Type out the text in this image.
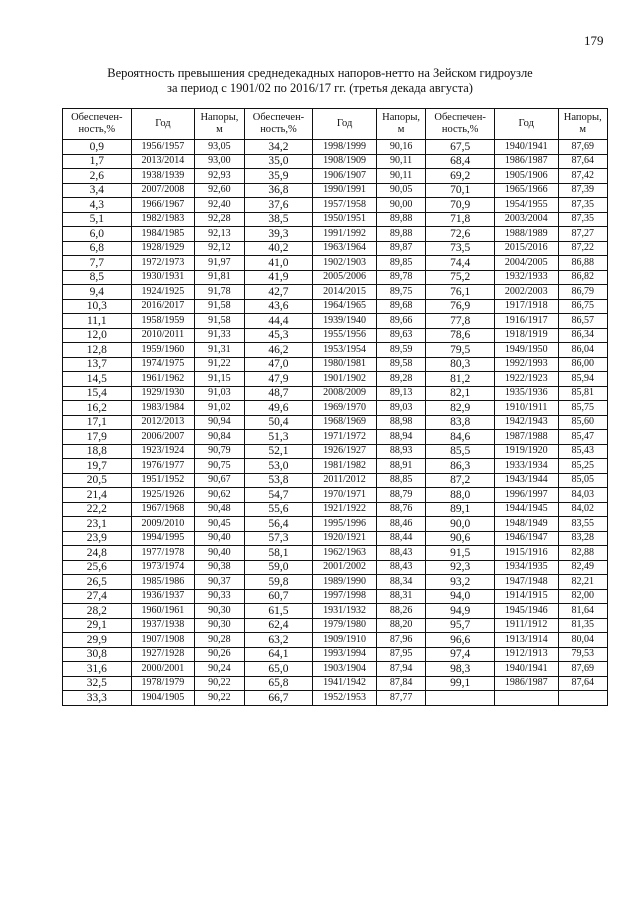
179
Вероятность превышения среднедекадных напоров-нетто на Зейском гидроузле
за период с 1901/02 по 2016/17 гг. (третья декада августа)
Обеспечен-
ность,%	Год	Напоры,
м	Обеспечен-
ность,%	Год	Напоры,
м	Обеспечен-
ность,%	Год	Напоры,
м
0,9	1956/1957	93,05	34,2	1998/1999	90,16	67,5	1940/1941	87,69
1,7	2013/2014	93,00	35,0	1908/1909	90,11	68,4	1986/1987	87,64
2,6	1938/1939	92,93	35,9	1906/1907	90,11	69,2	1905/1906	87,42
3,4	2007/2008	92,60	36,8	1990/1991	90,05	70,1	1965/1966	87,39
4,3	1966/1967	92,40	37,6	1957/1958	90,00	70,9	1954/1955	87,35
5,1	1982/1983	92,28	38,5	1950/1951	89,88	71,8	2003/2004	87,35
6,0	1984/1985	92,13	39,3	1991/1992	89,88	72,6	1988/1989	87,27
6,8	1928/1929	92,12	40,2	1963/1964	89,87	73,5	2015/2016	87,22
7,7	1972/1973	91,97	41,0	1902/1903	89,85	74,4	2004/2005	86,88
8,5	1930/1931	91,81	41,9	2005/2006	89,78	75,2	1932/1933	86,82
9,4	1924/1925	91,78	42,7	2014/2015	89,75	76,1	2002/2003	86,79
10,3	2016/2017	91,58	43,6	1964/1965	89,68	76,9	1917/1918	86,75
11,1	1958/1959	91,58	44,4	1939/1940	89,66	77,8	1916/1917	86,57
12,0	2010/2011	91,33	45,3	1955/1956	89,63	78,6	1918/1919	86,34
12,8	1959/1960	91,31	46,2	1953/1954	89,59	79,5	1949/1950	86,04
13,7	1974/1975	91,22	47,0	1980/1981	89,58	80,3	1992/1993	86,00
14,5	1961/1962	91,15	47,9	1901/1902	89,28	81,2	1922/1923	85,94
15,4	1929/1930	91,03	48,7	2008/2009	89,13	82,1	1935/1936	85,81
16,2	1983/1984	91,02	49,6	1969/1970	89,03	82,9	1910/1911	85,75
17,1	2012/2013	90,94	50,4	1968/1969	88,98	83,8	1942/1943	85,60
17,9	2006/2007	90,84	51,3	1971/1972	88,94	84,6	1987/1988	85,47
18,8	1923/1924	90,79	52,1	1926/1927	88,93	85,5	1919/1920	85,43
19,7	1976/1977	90,75	53,0	1981/1982	88,91	86,3	1933/1934	85,25
20,5	1951/1952	90,67	53,8	2011/2012	88,85	87,2	1943/1944	85,05
21,4	1925/1926	90,62	54,7	1970/1971	88,79	88,0	1996/1997	84,03
22,2	1967/1968	90,48	55,6	1921/1922	88,76	89,1	1944/1945	84,02
23,1	2009/2010	90,45	56,4	1995/1996	88,46	90,0	1948/1949	83,55
23,9	1994/1995	90,40	57,3	1920/1921	88,44	90,6	1946/1947	83,28
24,8	1977/1978	90,40	58,1	1962/1963	88,43	91,5	1915/1916	82,88
25,6	1973/1974	90,38	59,0	2001/2002	88,43	92,3	1934/1935	82,49
26,5	1985/1986	90,37	59,8	1989/1990	88,34	93,2	1947/1948	82,21
27,4	1936/1937	90,33	60,7	1997/1998	88,31	94,0	1914/1915	82,00
28,2	1960/1961	90,30	61,5	1931/1932	88,26	94,9	1945/1946	81,64
29,1	1937/1938	90,30	62,4	1979/1980	88,20	95,7	1911/1912	81,35
29,9	1907/1908	90,28	63,2	1909/1910	87,96	96,6	1913/1914	80,04
30,8	1927/1928	90,26	64,1	1993/1994	87,95	97,4	1912/1913	79,53
31,6	2000/2001	90,24	65,0	1903/1904	87,94	98,3	1940/1941	87,69
32,5	1978/1979	90,22	65,8	1941/1942	87,84	99,1	1986/1987	87,64
33,3	1904/1905	90,22	66,7	1952/1953	87,77			
